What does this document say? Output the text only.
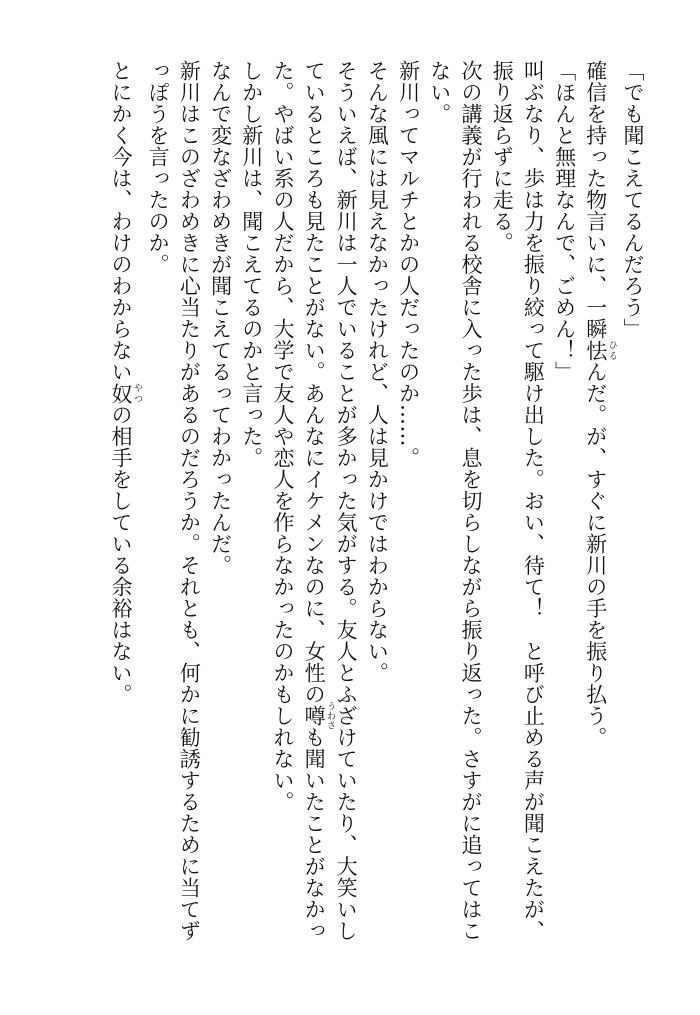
「でも聞こえてるんだろう」

確信を持った物言いに、一瞬怯 ひるんだ。が、すぐに新川の手を振り払う。

「ほんと無理なんで、ごめん！」

叫ぶなり、歩は力を振り絞って駆け出した。おい、待て！　と呼び止める声が聞こえたが、振り返らずに走る。

次の講義が行われる校舎に入った歩は、息を切らしながら振り返った。さすがに追ってはこない。

新川ってマルチとかの人だったのか……。

そんな風には見えなかったけれど、人は見かけではわからない。

そういえば、新川は一人でいることが多かった気がする。友人とふざけていたり、大笑いしているところも見たことがない。あんなにイケメンなのに、女性の噂 うわさも聞いたことがなかった。やばい系の人だから、大学で友人や恋人を作らなかったのかもしれない。

しかし新川は、聞こえてるのかと言った。

なんで変なざわめきが聞こえてるってわかったんだ。

新川はこのざわめきに心当たりがあるのだろうか。それとも、何かに勧誘するために当てずっぽうを言ったのか。

とにかく今は、わけのわからない奴 やつの相手をしている余裕はない。
